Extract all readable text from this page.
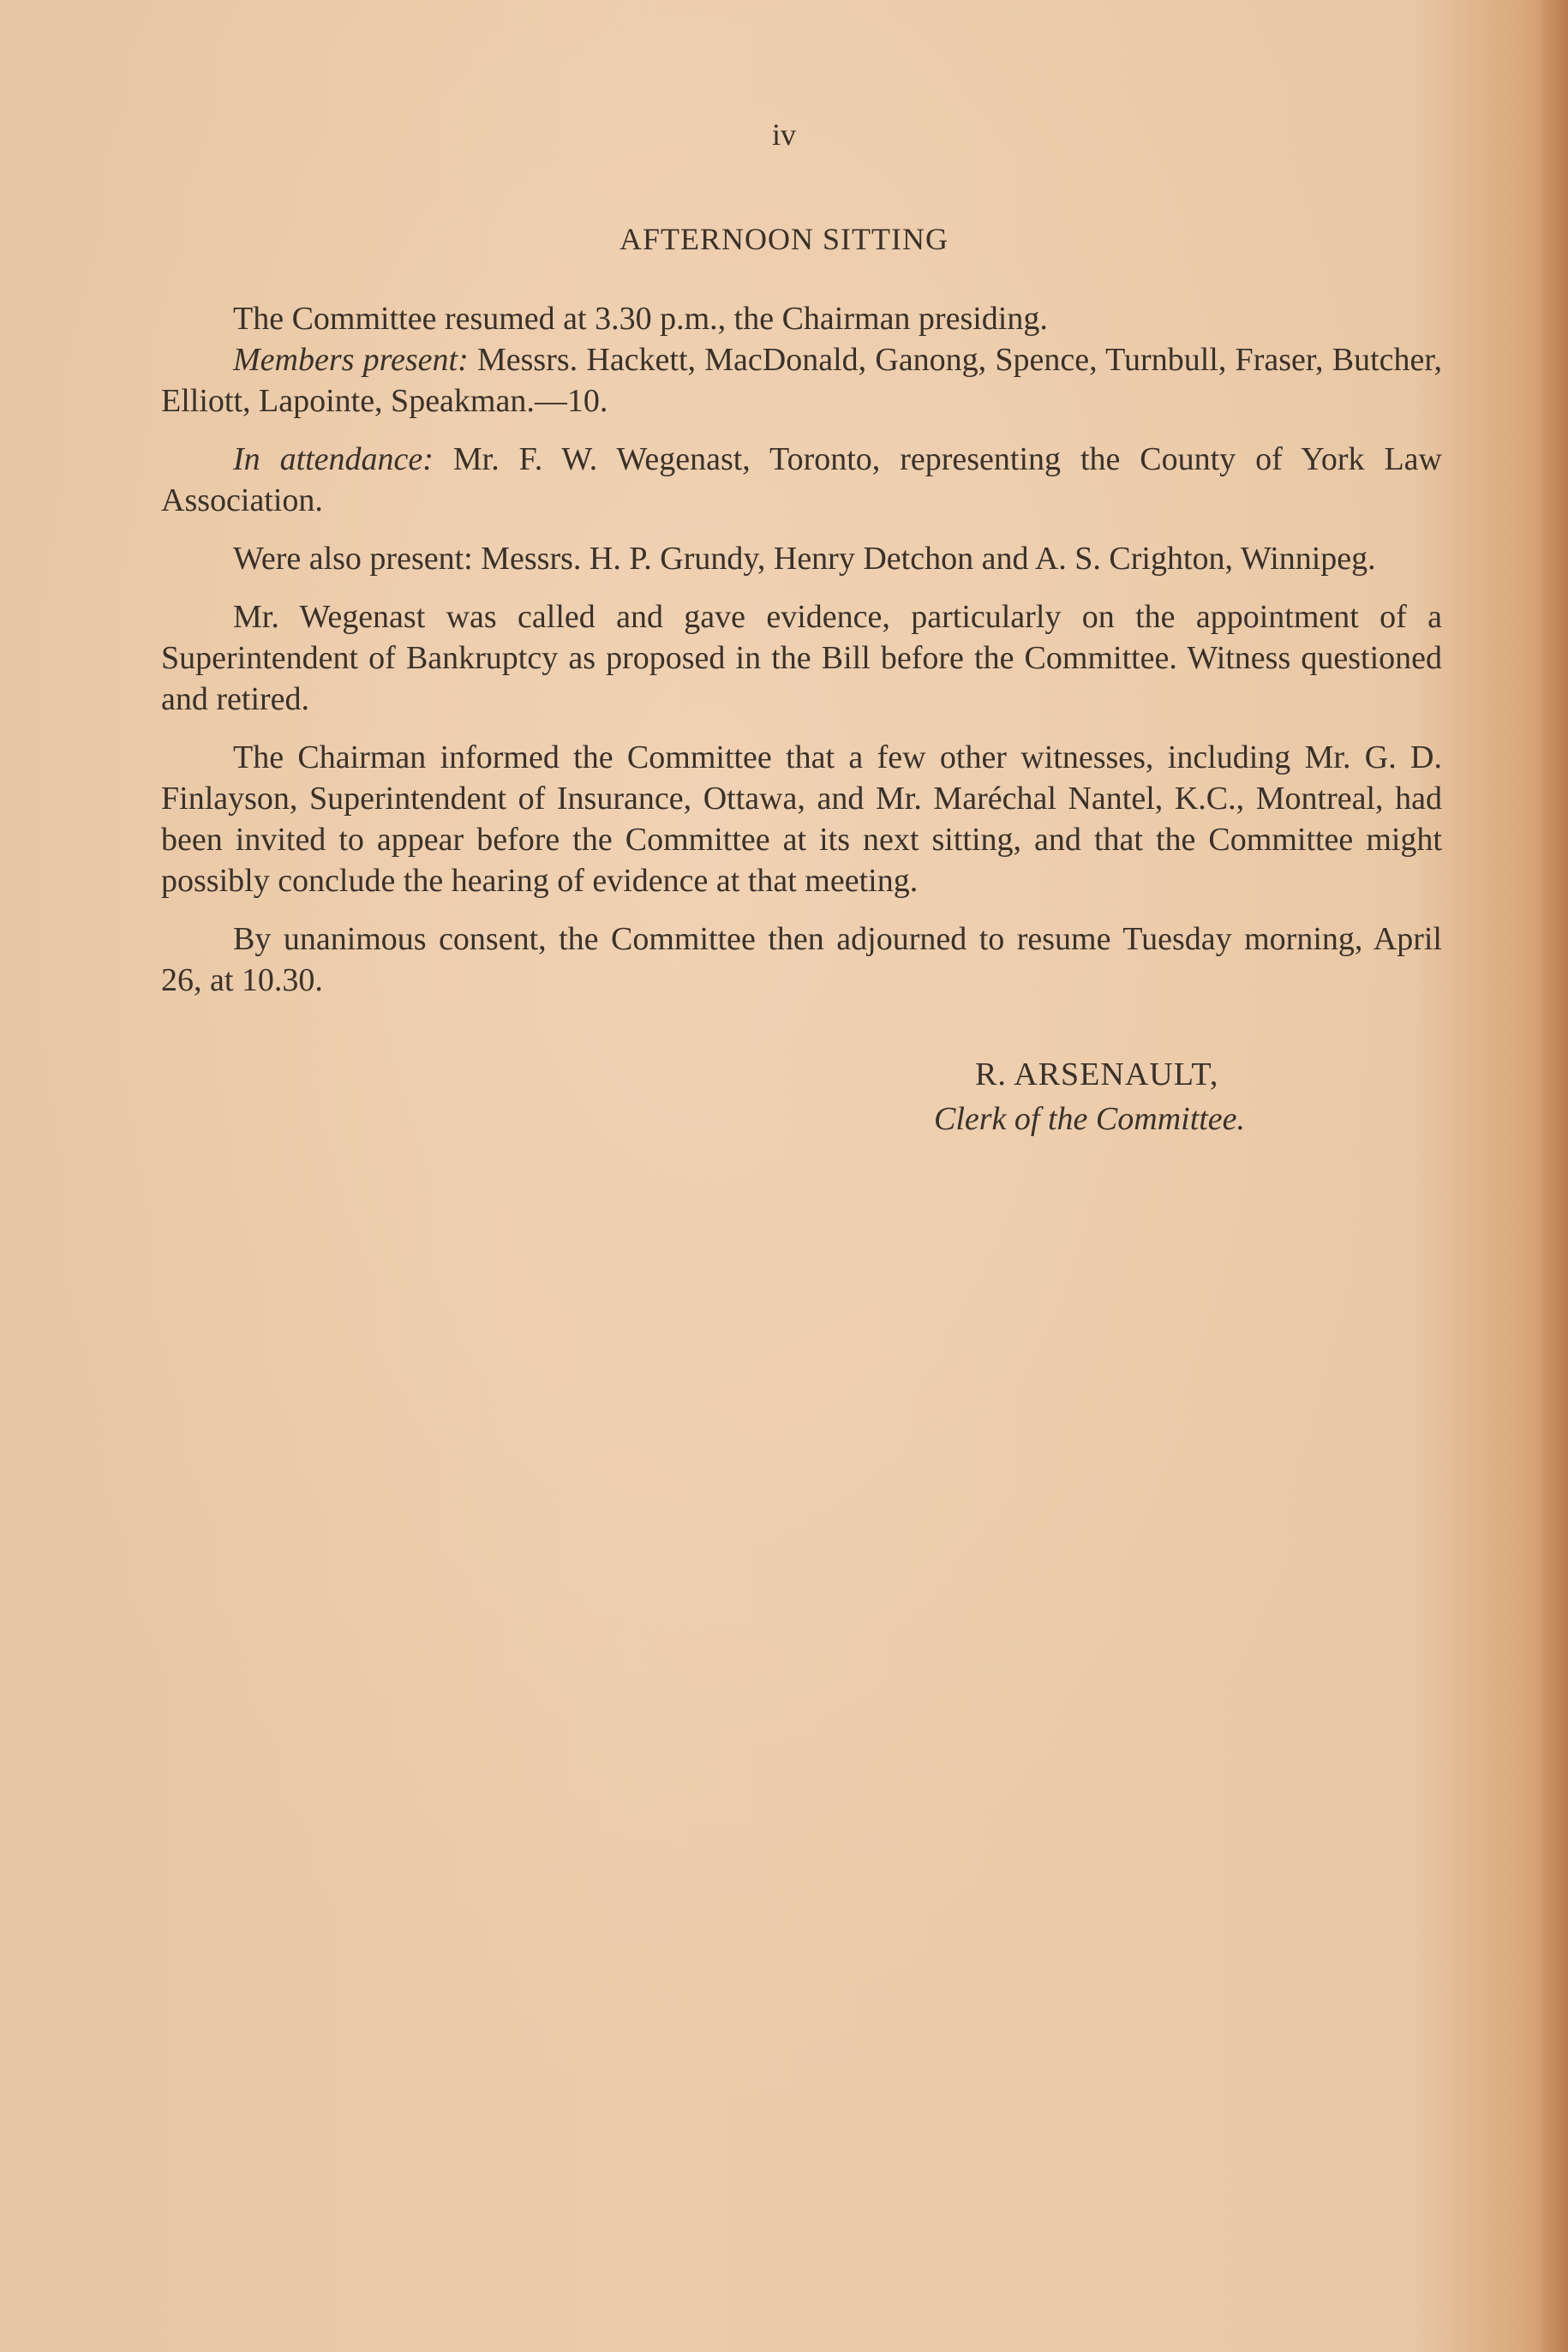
iv
AFTERNOON SITTING

The Committee resumed at 3.30 p.m., the Chairman presiding.

Members present: Messrs. Hackett, MacDonald, Ganong, Spence, Turnbull, Fraser, Butcher, Elliott, Lapointe, Speakman.—10.

In attendance: Mr. F. W. Wegenast, Toronto, representing the County of York Law Association.

Were also present: Messrs. H. P. Grundy, Henry Detchon and A. S. Crighton, Winnipeg.

Mr. Wegenast was called and gave evidence, particularly on the appointment of a Superintendent of Bankruptcy as proposed in the Bill before the Committee. Witness questioned and retired.

The Chairman informed the Committee that a few other witnesses, including Mr. G. D. Finlayson, Superintendent of Insurance, Ottawa, and Mr. Maréchal Nantel, K.C., Montreal, had been invited to appear before the Committee at its next sitting, and that the Committee might possibly conclude the hearing of evidence at that meeting.

By unanimous consent, the Committee then adjourned to resume Tuesday morning, April 26, at 10.30.

R. ARSENAULT,
Clerk of the Committee.
